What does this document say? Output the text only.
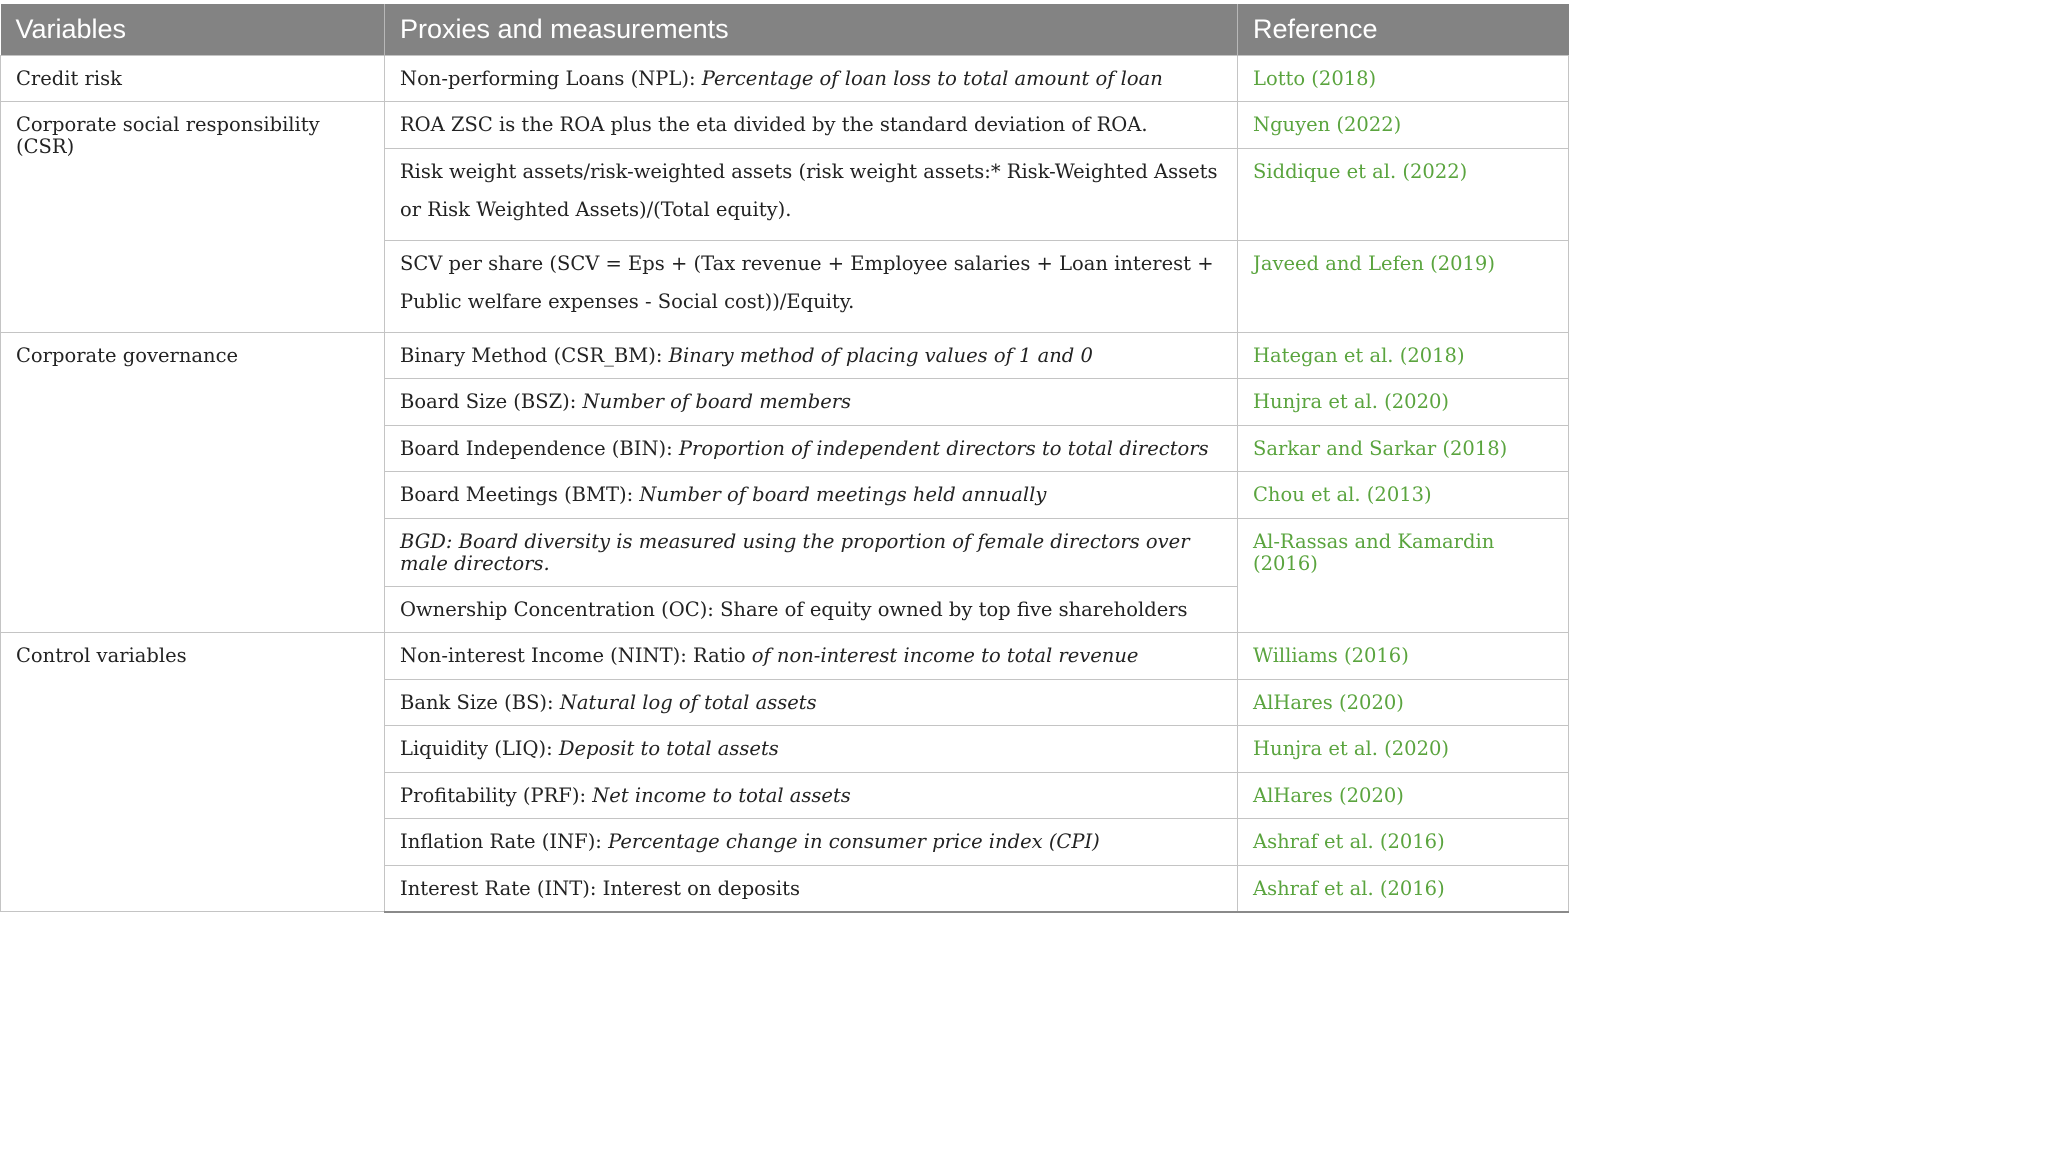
Variables	Proxies and measurements	Reference
Credit risk	Non-performing Loans (NPL): Percentage of loan loss to total amount of loan	Lotto (2018)
Corporate social responsibility (CSR)	ROA ZSC is the ROA plus the eta divided by the standard deviation of ROA.	Nguyen (2022)
	Risk weight assets/risk-weighted assets (risk weight assets:* Risk-Weighted Assets or Risk Weighted Assets)/(Total equity).	Siddique et al. (2022)
	SCV per share (SCV = Eps + (Tax revenue + Employee salaries + Loan interest + Public welfare expenses - Social cost))/Equity.	Javeed and Lefen (2019)
Corporate governance	Binary Method (CSR_BM): Binary method of placing values of 1 and 0	Hategan et al. (2018)
	Board Size (BSZ): Number of board members	Hunjra et al. (2020)
	Board Independence (BIN): Proportion of independent directors to total directors	Sarkar and Sarkar (2018)
	Board Meetings (BMT): Number of board meetings held annually	Chou et al. (2013)
	BGD: Board diversity is measured using the proportion of female directors over male directors.	Al-Rassas and Kamardin (2016)
	Ownership Concentration (OC): Share of equity owned by top five shareholders	
Control variables	Non-interest Income (NINT): Ratio of non-interest income to total revenue	Williams (2016)
	Bank Size (BS): Natural log of total assets	AlHares (2020)
	Liquidity (LIQ): Deposit to total assets	Hunjra et al. (2020)
	Profitability (PRF): Net income to total assets	AlHares (2020)
	Inflation Rate (INF): Percentage change in consumer price index (CPI)	Ashraf et al. (2016)
	Interest Rate (INT): Interest on deposits	Ashraf et al. (2016)
